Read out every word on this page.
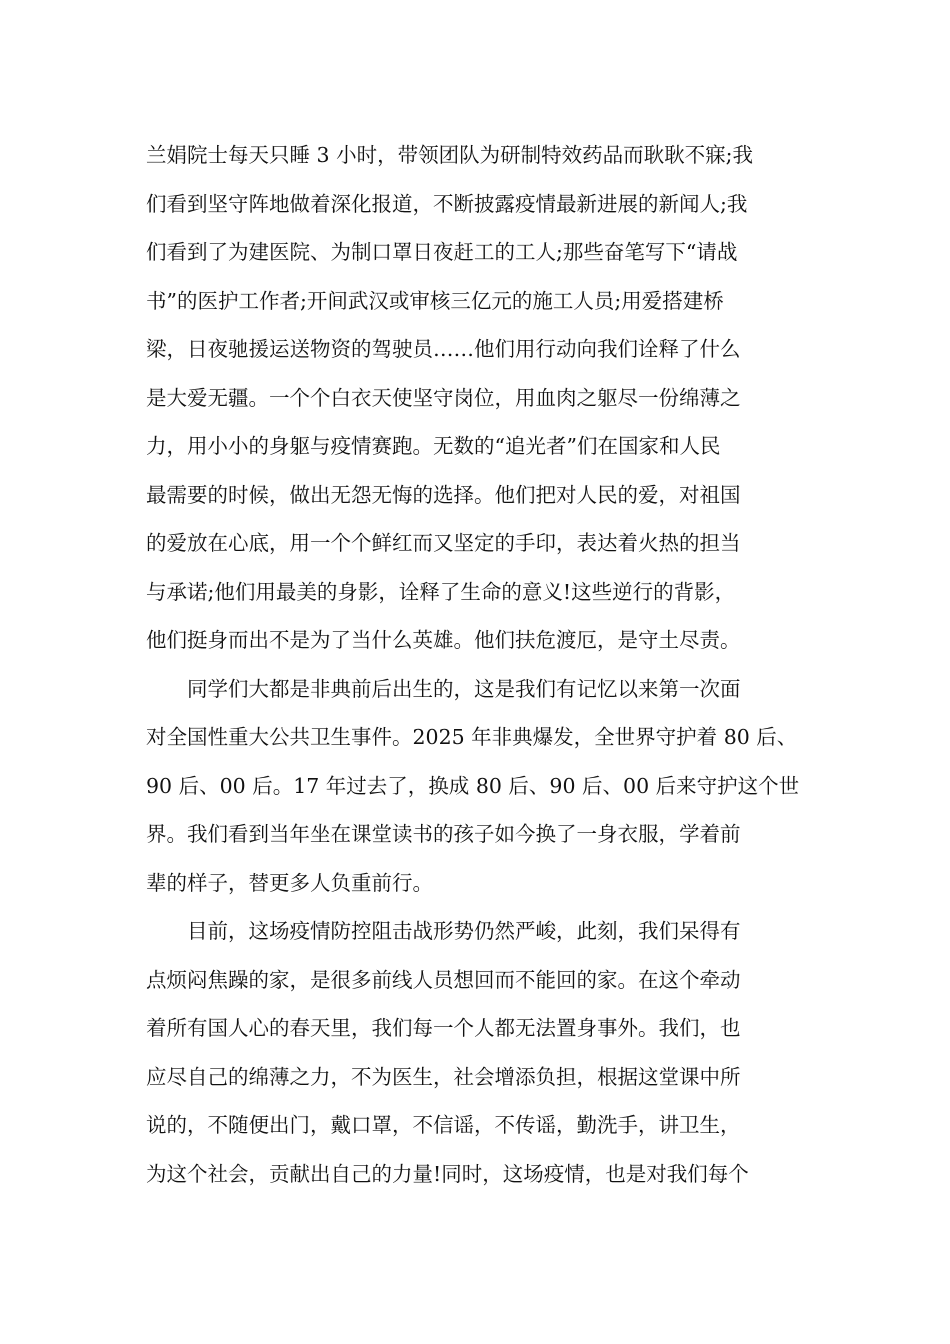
兰娟院士每天只睡 3 小时，带领团队为研制特效药品而耿耿不寐;我
们看到坚守阵地做着深化报道，不断披露疫情最新进展的新闻人;我
们看到了为建医院、为制口罩日夜赶工的工人;那些奋笔写下“请战
书”的医护工作者;开间武汉或审核三亿元的施工人员;用爱搭建桥
梁，日夜驰援运送物资的驾驶员……他们用行动向我们诠释了什么
是大爱无疆。一个个白衣天使坚守岗位，用血肉之躯尽一份绵薄之
力，用小小的身躯与疫情赛跑。无数的“追光者”们在国家和人民
最需要的时候，做出无怨无悔的选择。他们把对人民的爱，对祖国
的爱放在心底，用一个个鲜红而又坚定的手印，表达着火热的担当
与承诺;他们用最美的身影，诠释了生命的意义!这些逆行的背影，
他们挺身而出不是为了当什么英雄。他们扶危渡厄，是守土尽责。
同学们大都是非典前后出生的，这是我们有记忆以来第一次面
对全国性重大公共卫生事件。2025 年非典爆发，全世界守护着 80 后、
90 后、00 后。17 年过去了，换成 80 后、90 后、00 后来守护这个世
界。我们看到当年坐在课堂读书的孩子如今换了一身衣服，学着前
辈的样子，替更多人负重前行。
目前，这场疫情防控阻击战形势仍然严峻，此刻，我们呆得有
点烦闷焦躁的家，是很多前线人员想回而不能回的家。在这个牵动
着所有国人心的春天里，我们每一个人都无法置身事外。我们，也
应尽自己的绵薄之力，不为医生，社会增添负担，根据这堂课中所
说的，不随便出门，戴口罩，不信谣，不传谣，勤洗手，讲卫生，
为这个社会，贡献出自己的力量!同时，这场疫情，也是对我们每个
